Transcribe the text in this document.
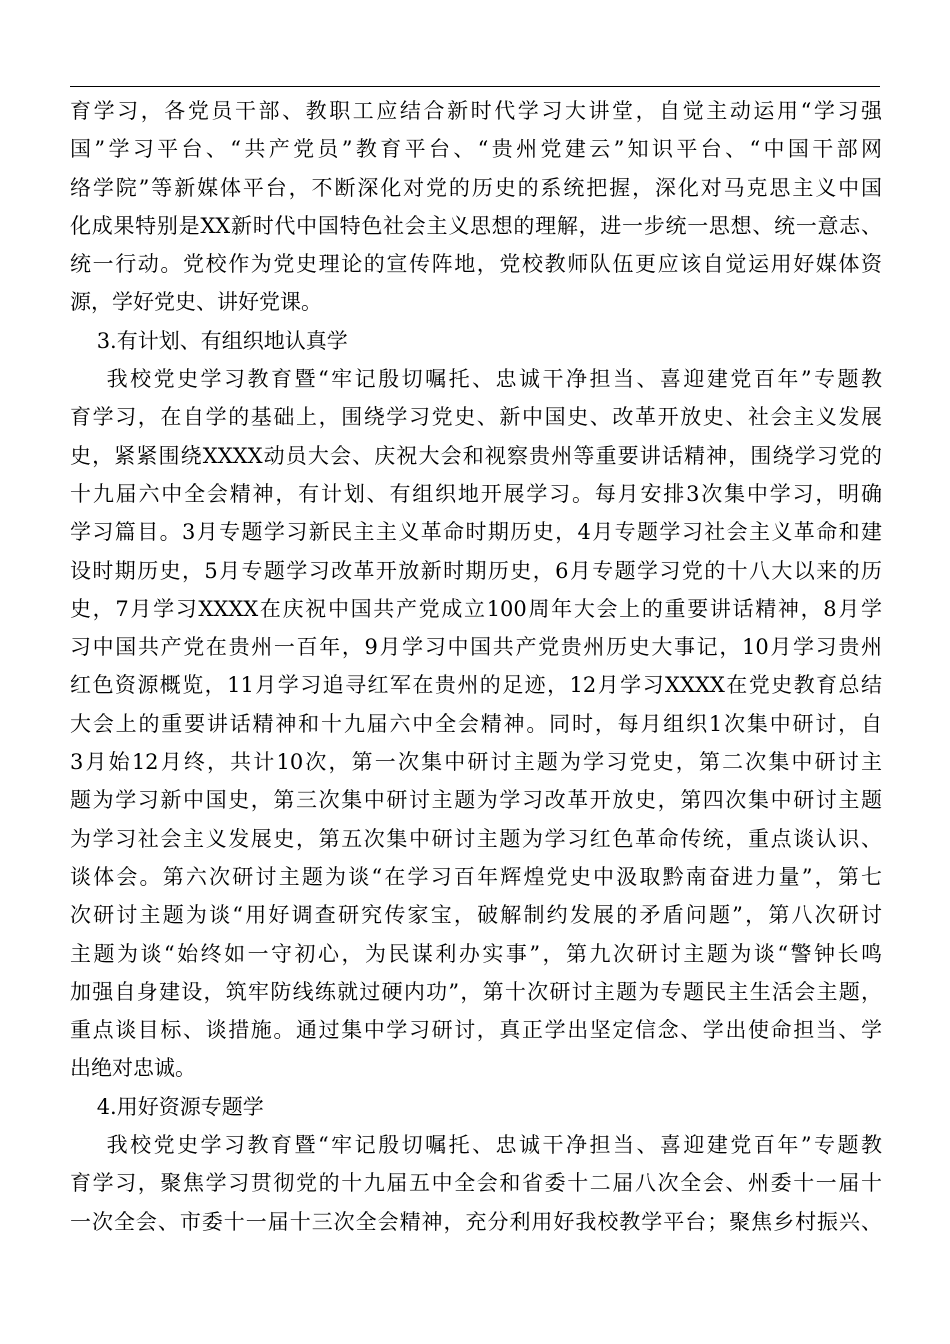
育学习，各党员干部、教职工应结合新时代学习大讲堂，自觉主动运用“学习强
国”学习平台、“共产党员”教育平台、“贵州党建云”知识平台、“中国干部网
络学院”等新媒体平台，不断深化对党的历史的系统把握，深化对马克思主义中国
化成果特别是XX新时代中国特色社会主义思想的理解，进一步统一思想、统一意志、
统一行动。党校作为党史理论的宣传阵地，党校教师队伍更应该自觉运用好媒体资
源，学好党史、讲好党课。
3.有计划、有组织地认真学
我校党史学习教育暨“牢记殷切嘱托、忠诚干净担当、喜迎建党百年”专题教
育学习，在自学的基础上，围绕学习党史、新中国史、改革开放史、社会主义发展
史，紧紧围绕XXXX动员大会、庆祝大会和视察贵州等重要讲话精神，围绕学习党的
十九届六中全会精神，有计划、有组织地开展学习。每月安排3次集中学习，明确
学习篇目。3月专题学习新民主主义革命时期历史，4月专题学习社会主义革命和建
设时期历史，5月专题学习改革开放新时期历史，6月专题学习党的十八大以来的历
史，7月学习XXXX在庆祝中国共产党成立100周年大会上的重要讲话精神，8月学
习中国共产党在贵州一百年，9月学习中国共产党贵州历史大事记，10月学习贵州
红色资源概览，11月学习追寻红军在贵州的足迹，12月学习XXXX在党史教育总结
大会上的重要讲话精神和十九届六中全会精神。同时，每月组织1次集中研讨，自
3月始12月终，共计10次，第一次集中研讨主题为学习党史，第二次集中研讨主
题为学习新中国史，第三次集中研讨主题为学习改革开放史，第四次集中研讨主题
为学习社会主义发展史，第五次集中研讨主题为学习红色革命传统，重点谈认识、
谈体会。第六次研讨主题为谈“在学习百年辉煌党史中汲取黔南奋进力量”，第七
次研讨主题为谈“用好调查研究传家宝，破解制约发展的矛盾问题”，第八次研讨
主题为谈“始终如一守初心，为民谋利办实事”，第九次研讨主题为谈“警钟长鸣
加强自身建设，筑牢防线练就过硬内功”，第十次研讨主题为专题民主生活会主题，
重点谈目标、谈措施。通过集中学习研讨，真正学出坚定信念、学出使命担当、学
出绝对忠诚。
4.用好资源专题学
我校党史学习教育暨“牢记殷切嘱托、忠诚干净担当、喜迎建党百年”专题教
育学习，聚焦学习贯彻党的十九届五中全会和省委十二届八次全会、州委十一届十
一次全会、市委十一届十三次全会精神，充分利用好我校教学平台；聚焦乡村振兴、
